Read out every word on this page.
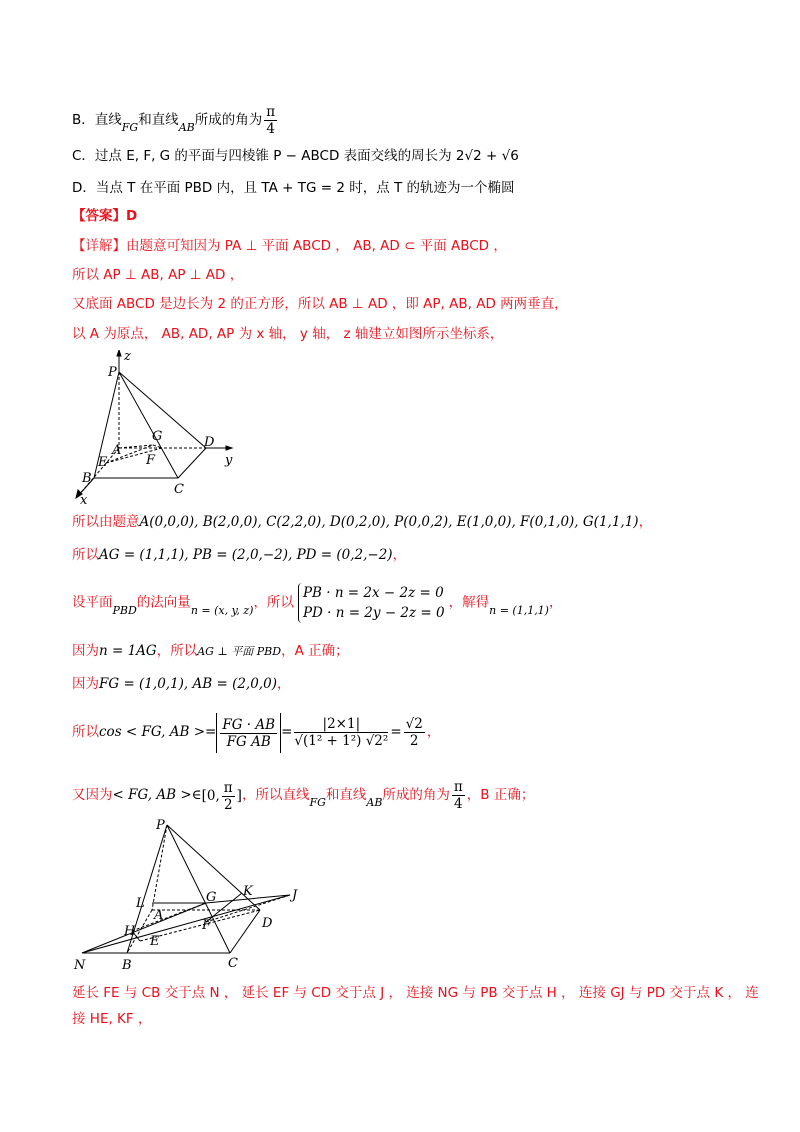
B．直线$_{FG}$和直线$_{AB}$所成的角为 $\frac{\pi}{4}$
C．过点 E, F, G 的平面与四棱锥 P − ABCD 表面交线的周长为 2√2 + √6
D．当点 T 在平面 PBD 内，且 TA + TG = 2 时，点 T 的轨迹为一个椭圆
【答案】D
【详解】由题意可知因为 PA ⊥ 平面 ABCD ， AB, AD ⊂ 平面 ABCD ，
所以 AP ⊥ AB, AP ⊥ AD ，
又底面 ABCD 是边长为 2 的正方形，所以 AB ⊥ AD ，即 AP, AB, AD 两两垂直，
以 A 为原点， AB, AD, AP 为 x 轴， y 轴， z 轴建立如图所示坐标系，
z
P
G	D
y
A
E	F
B
C
x
所以由题意A(0,0,0), B(2,0,0), C(2,2,0), D(0,2,0), P(0,0,2), E(1,0,0), F(0,1,0), G(1,1,1)，
所以AG = (1,1,1), PB = (2,0,−2), PD = (0,2,−2)，
设平面$_{PBD}$的法向量$_{n = (x, y, z)}$，所以
PB · n = 2x − 2z = 0
PD · n = 2y − 2z = 0
，解得$_{n = (1,1,1)}$，
因为n = 1AG，所以AG ⊥ 平面 PBD，A 正确；
因为FG = (1,0,1), AB = (2,0,0)，
所以cos < FG, AB >= $\frac{FG \cdot AB}{\text{FG AB}} = \frac{|2\times 1|}{\text{√(1² + 1²) √2²}} = \frac{√2}{2}$ ，
又因为< FG, AB >∈[0, $\frac{\pi}{2}$ ]，所以直线$_{FG}$和直线$_{AB}$所成的角为 $\frac{\pi}{4}$ ，B 正确；
P
L	G K	J
H
A
F	D
E
N	B	C
延长 FE 与 CB 交于点 N ， 延长 EF 与 CD 交于点 J ， 连接 NG 与 PB 交于点 H ， 连接 GJ 与 PD 交于点 K ， 连
接 HE, KF ，
